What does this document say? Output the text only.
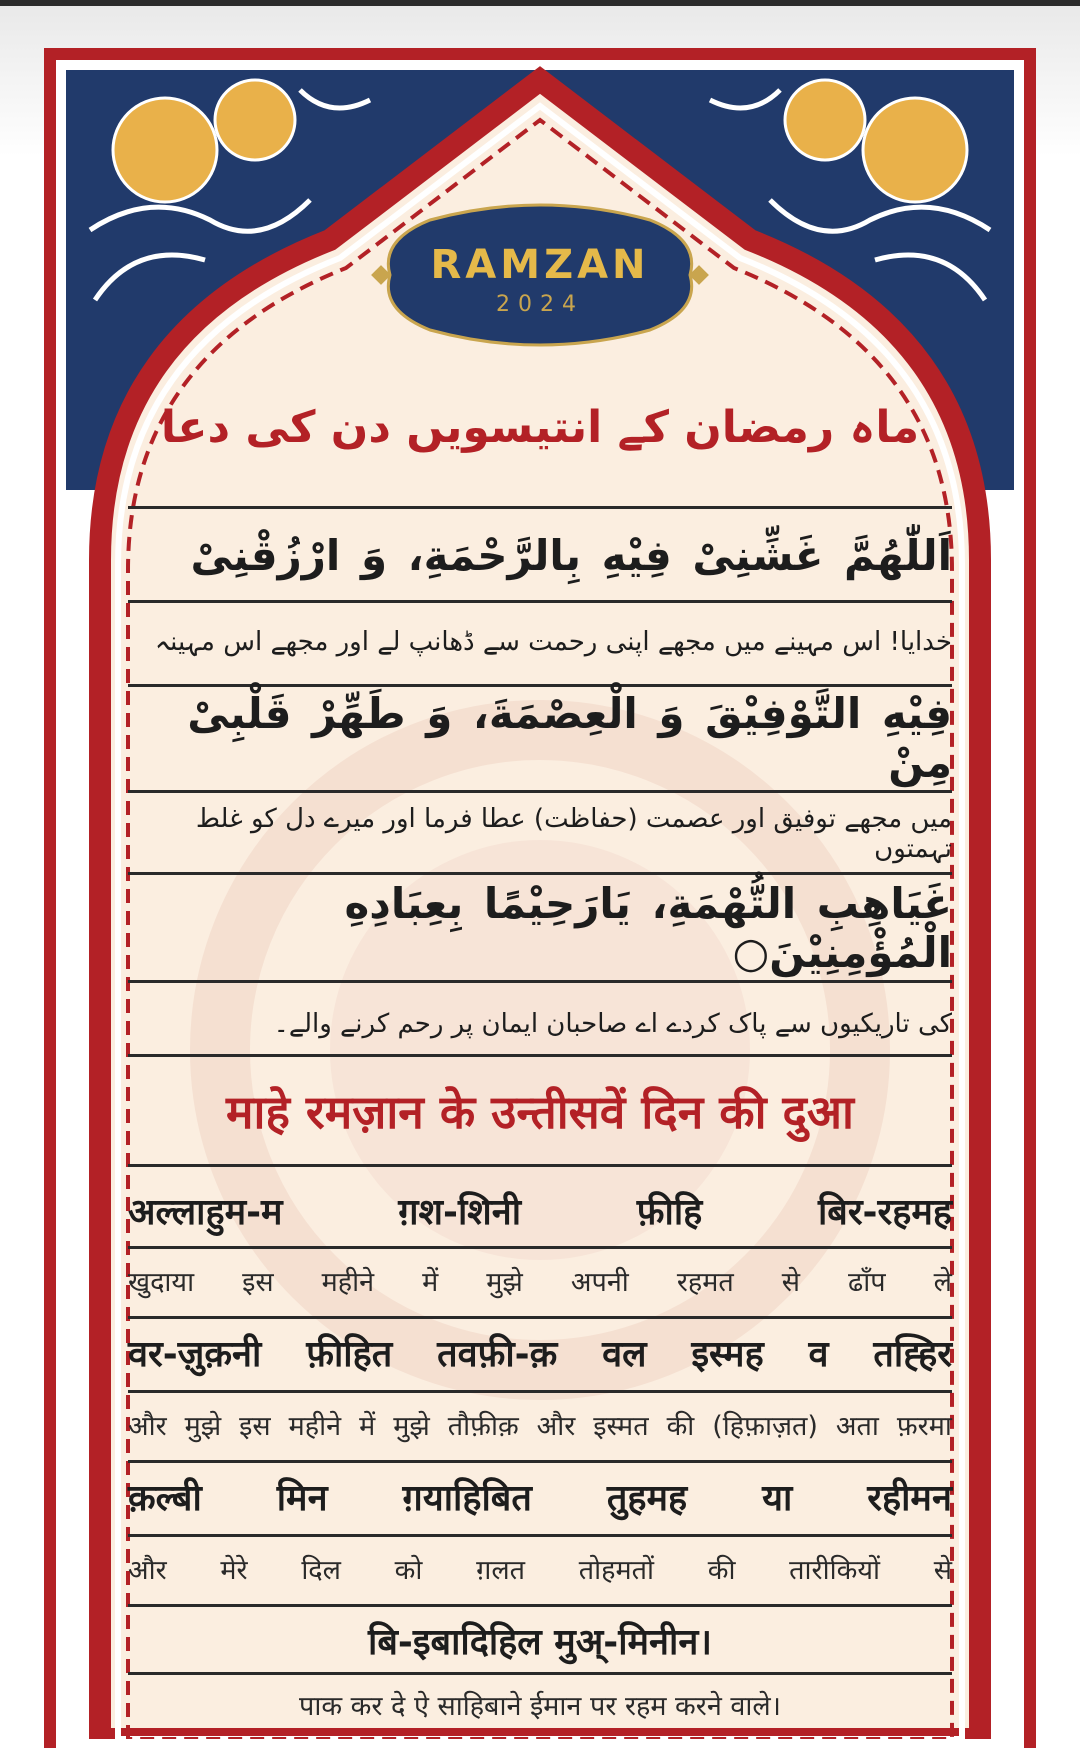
RAMZAN
2024
ماہ رمضان کے انتیسویں دن کی دعا
اَللّٰھُمَّ غَشِّنِیْ فِیْهِ بِالرَّحْمَةِ، وَ ارْزُقْنِیْ
خدایا! اس مہینے میں مجھے اپنی رحمت سے ڈھانپ لے اور مجھے اس مہینہ
فِیْهِ التَّوْفِیْقَ وَ الْعِصْمَةَ، وَ طَھِّرْ قَلْبِیْ مِنْ
میں مجھے توفیق اور عصمت (حفاظت) عطا فرما اور میرے دل کو غلط تہمتوں
غَیَاهِبِ التُّهْمَةِ، یَارَحِیْمًا بِعِبَادِهِ الْمُؤْمِنِیْنَ○
کی تاریکیوں سے پاک کردے اے صاحبان ایمان پر رحم کرنے والے۔
माहे रमज़ान के उन्तीसवें दिन की दुआ
अल्लाहुम-म	ग़श-शिनी	फ़ीहि	बिर-रहमह
खुदाया इस महीने में मुझे अपनी रहमत से ढाँप ले
वर-ज़ुक़नी फ़ीहित तवफ़ी-क़ वल इस्मह व तह्हिर
और मुझे इस महीने में मुझे तौफ़ीक़ और इस्मत की (हिफ़ाज़त) अता फ़रमा
क़ल्बी मिन ग़याहिबित तुहमह या रहीमन
और मेरे दिल को ग़लत तोहमतों की तारीकियों से
बि-इबादिहिल मुअ्-मिनीन।
पाक कर दे ऐ साहिबाने ईमान पर रहम करने वाले।
